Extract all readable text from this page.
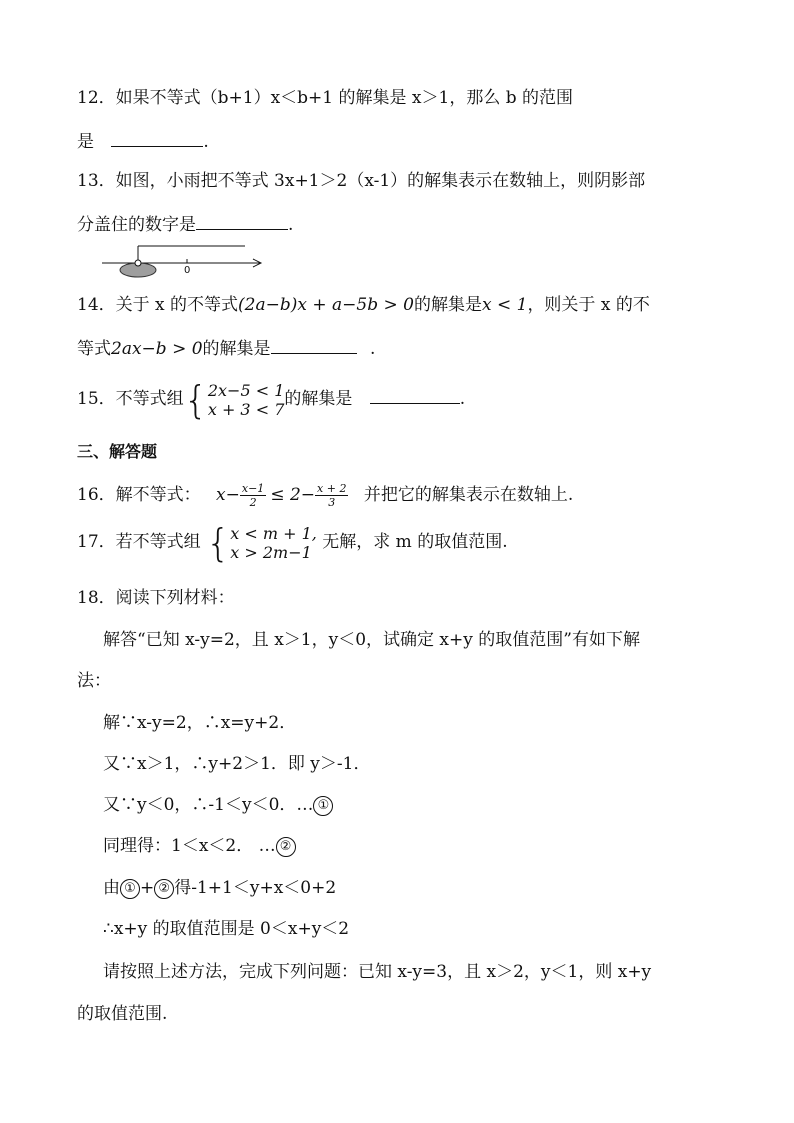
12．如果不等式（b+1）x＜b+1 的解集是 x＞1，那么 b 的范围
是	.
13．如图，小雨把不等式 3x+1＞2（x-1）的解集表示在数轴上，则阴影部
分盖住的数字是	.
0
14．关于 x 的不等式(2a−b)x + a−5b > 0的解集是x < 1，则关于 x 的不
等式2ax−b > 0的解集是	.
15．不等式组{ 2x−5 < 1
x + 3 < 7 的解集是	.
三、解答题
16．解不等式： $x- \frac{x-1}{2} \le 2- \frac{x + 2}{3}$ 并把它的解集表示在数轴上.
17．若不等式组 { x < m + 1,
x > 2m−1 无解，求 m 的取值范围.
18．阅读下列材料：
解答“已知 x-y=2，且 x＞1，y＜0，试确定 x+y 的取值范围”有如下解
法：
解∵x-y=2，∴x=y+2．
又∵x＞1，∴y+2＞1．即 y＞-1．
又∵y＜0，∴-1＜y＜0．… ①
同理得：1＜x＜2． … ②
由 ① + ② 得-1+1＜y+x＜0+2
∴x+y 的取值范围是 0＜x+y＜2
请按照上述方法，完成下列问题：已知 x-y=3，且 x＞2，y＜1，则 x+y
的取值范围.
